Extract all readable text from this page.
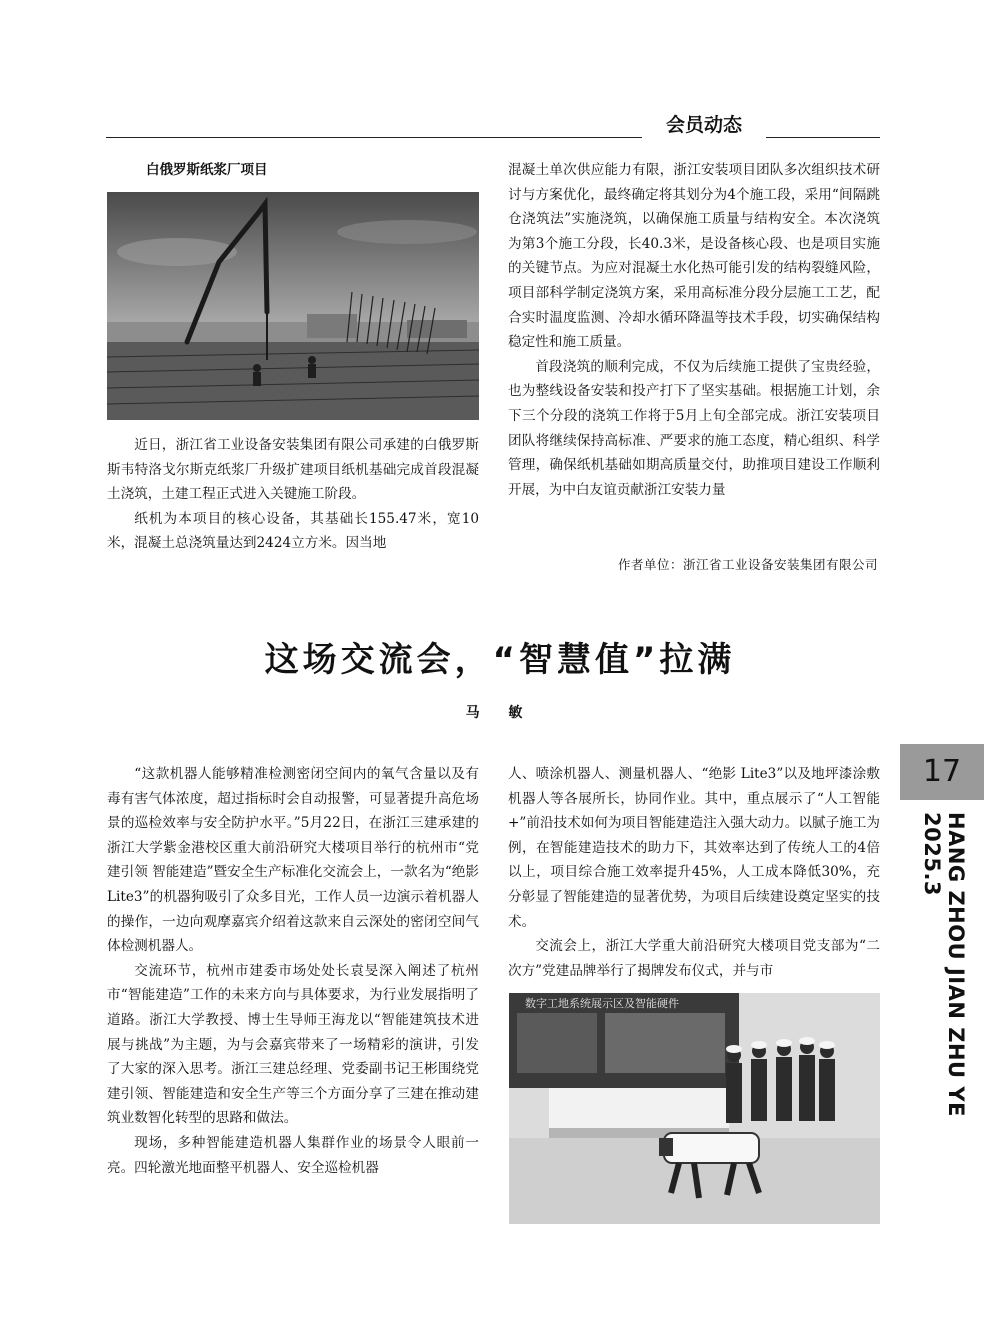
会员动态
白俄罗斯纸浆厂项目

近日，浙江省工业设备安装集团有限公司承建的白俄罗斯斯韦特洛戈尔斯克纸浆厂升级扩建项目纸机基础完成首段混凝土浇筑，土建工程正式进入关键施工阶段。

纸机为本项目的核心设备，其基础长155.47米，宽10米，混凝土总浇筑量达到2424立方米。因当地

混凝土单次供应能力有限，浙江安装项目团队多次组织技术研讨与方案优化，最终确定将其划分为4个施工段，采用“间隔跳仓浇筑法”实施浇筑，以确保施工质量与结构安全。本次浇筑为第3个施工分段，长40.3米，是设备核心段、也是项目实施的关键节点。为应对混凝土水化热可能引发的结构裂缝风险，项目部科学制定浇筑方案，采用高标准分段分层施工工艺，配合实时温度监测、冷却水循环降温等技术手段，切实确保结构稳定性和施工质量。

首段浇筑的顺利完成，不仅为后续施工提供了宝贵经验，也为整线设备安装和投产打下了坚实基础。根据施工计划，余下三个分段的浇筑工作将于5月上旬全部完成。浙江安装项目团队将继续保持高标准、严要求的施工态度，精心组织、科学管理，确保纸机基础如期高质量交付，助推项目建设工作顺利开展，为中白友谊贡献浙江安装力量

作者单位：浙江省工业设备安装集团有限公司
这场交流会，“智慧值”拉满
马 敏

“这款机器人能够精准检测密闭空间内的氧气含量以及有毒有害气体浓度，超过指标时会自动报警，可显著提升高危场景的巡检效率与安全防护水平。”5月22日，在浙江三建承建的浙江大学紫金港校区重大前沿研究大楼项目举行的杭州市“党建引领 智能建造”暨安全生产标准化交流会上，一款名为“绝影 Lite3”的机器狗吸引了众多目光，工作人员一边演示着机器人的操作，一边向观摩嘉宾介绍着这款来自云深处的密闭空间气体检测机器人。

交流环节，杭州市建委市场处处长袁旻深入阐述了杭州市“智能建造”工作的未来方向与具体要求，为行业发展指明了道路。浙江大学教授、博士生导师王海龙以“智能建筑技术进展与挑战”为主题，为与会嘉宾带来了一场精彩的演讲，引发了大家的深入思考。浙江三建总经理、党委副书记王彬围绕党建引领、智能建造和安全生产等三个方面分享了三建在推动建筑业数智化转型的思路和做法。

现场，多种智能建造机器人集群作业的场景令人眼前一亮。四轮激光地面整平机器人、安全巡检机器

人、喷涂机器人、测量机器人、“绝影 Lite3”以及地坪漆涂敷机器人等各展所长，协同作业。其中，重点展示了“人工智能 +”前沿技术如何为项目智能建造注入强大动力。以腻子施工为例，在智能建造技术的助力下，其效率达到了传统人工的4倍以上，项目综合施工效率提升45%，人工成本降低30%，充分彰显了智能建造的显著优势，为项目后续建设奠定坚实的技术。

交流会上，浙江大学重大前沿研究大楼项目党支部为“二次方”党建品牌举行了揭牌发布仪式，并与市

数字工地系统展示区及智能硬件
17
HANG ZHOU JIAN ZHU YE 2025.3
